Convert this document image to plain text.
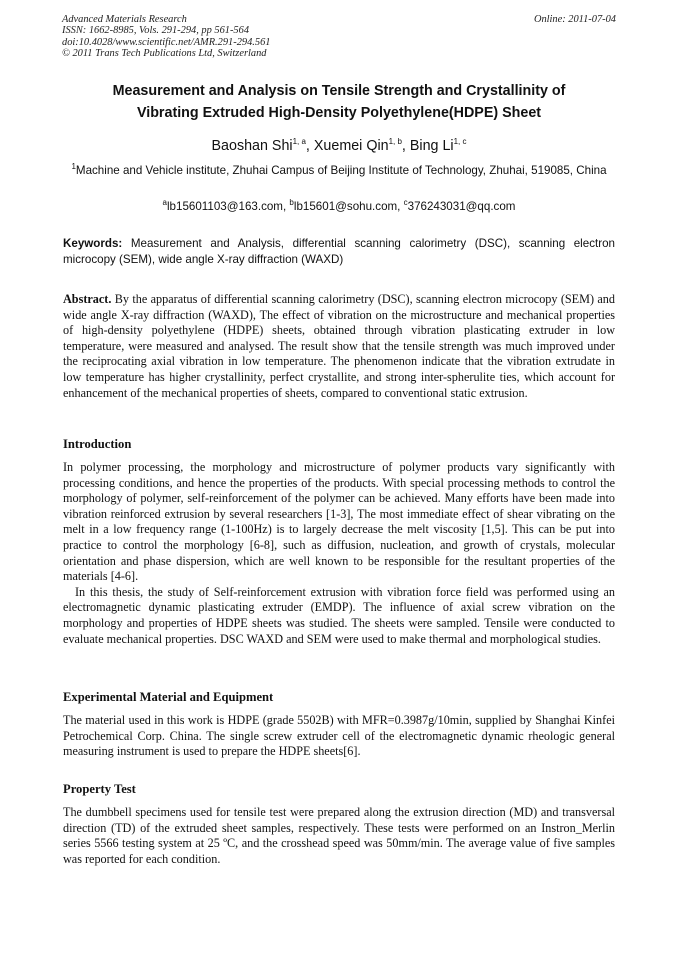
Advanced Materials Research
ISSN: 1662-8985, Vols. 291-294, pp 561-564
doi:10.4028/www.scientific.net/AMR.291-294.561
© 2011 Trans Tech Publications Ltd, Switzerland
Online: 2011-07-04
Measurement and Analysis on Tensile Strength and Crystallinity of
Vibrating Extruded High-Density Polyethylene(HDPE) Sheet
Baoshan Shi$^{1, a}$, Xuemei Qin$^{1, b}$, Bing Li$^{1, c}$
$^1$Machine and Vehicle institute, Zhuhai Campus of Beijing Institute of Technology, Zhuhai, 519085, China
$^a$lb15601103@163.com, $^b$lb15601@sohu.com, $^c$376243031@qq.com
Keywords: Measurement and Analysis, differential scanning calorimetry (DSC), scanning electron microcopy (SEM), wide angle X-ray diffraction (WAXD)

Abstract. By the apparatus of differential scanning calorimetry (DSC), scanning electron microcopy (SEM) and wide angle X-ray diffraction (WAXD), The effect of vibration on the microstructure and mechanical properties of high-density polyethylene (HDPE) sheets, obtained through vibration plasticating extruder in low temperature, were measured and analysed. The result show that the tensile strength was much improved under the reciprocating axial vibration in low temperature. The phenomenon indicate that the vibration extrudate in low temperature has higher crystallinity, perfect crystallite, and strong inter-spherulite ties, which account for enhancement of the mechanical properties of sheets, compared to conventional static extrusion.

Introduction

In polymer processing, the morphology and microstructure of polymer products vary significantly with processing conditions, and hence the properties of the products. With special processing methods to control the morphology of polymer, self-reinforcement of the polymer can be achieved. Many efforts have been made into vibration reinforced extrusion by several researchers [1-3], The most immediate effect of shear vibrating on the melt in a low frequency range (1-100Hz) is to largely decrease the melt viscosity [1,5]. This can be put into practice to control the morphology [6-8], such as diffusion, nucleation, and growth of crystals, molecular orientation and phase dispersion, which are well known to be responsible for the resultant properties of the materials [4-6].

In this thesis, the study of Self-reinforcement extrusion with vibration force field was performed using an electromagnetic dynamic plasticating extruder (EMDP). The influence of axial screw vibration on the morphology and properties of HDPE sheets was studied. The sheets were sampled. Tensile were conducted to evaluate mechanical properties. DSC WAXD and SEM were used to make thermal and morphological studies.

Experimental Material and Equipment

The material used in this work is HDPE (grade 5502B) with MFR=0.3987g/10min, supplied by Shanghai Kinfei Petrochemical Corp. China. The single screw extruder cell of the electromagnetic dynamic rheologic general measuring instrument is used to prepare the HDPE sheets[6].

Property Test

The dumbbell specimens used for tensile test were prepared along the extrusion direction (MD) and transversal direction (TD) of the extruded sheet samples, respectively. These tests were performed on an Instron_Merlin series 5566 testing system at 25 ºC, and the crosshead speed was 50mm/min. The average value of five samples was reported for each condition.
